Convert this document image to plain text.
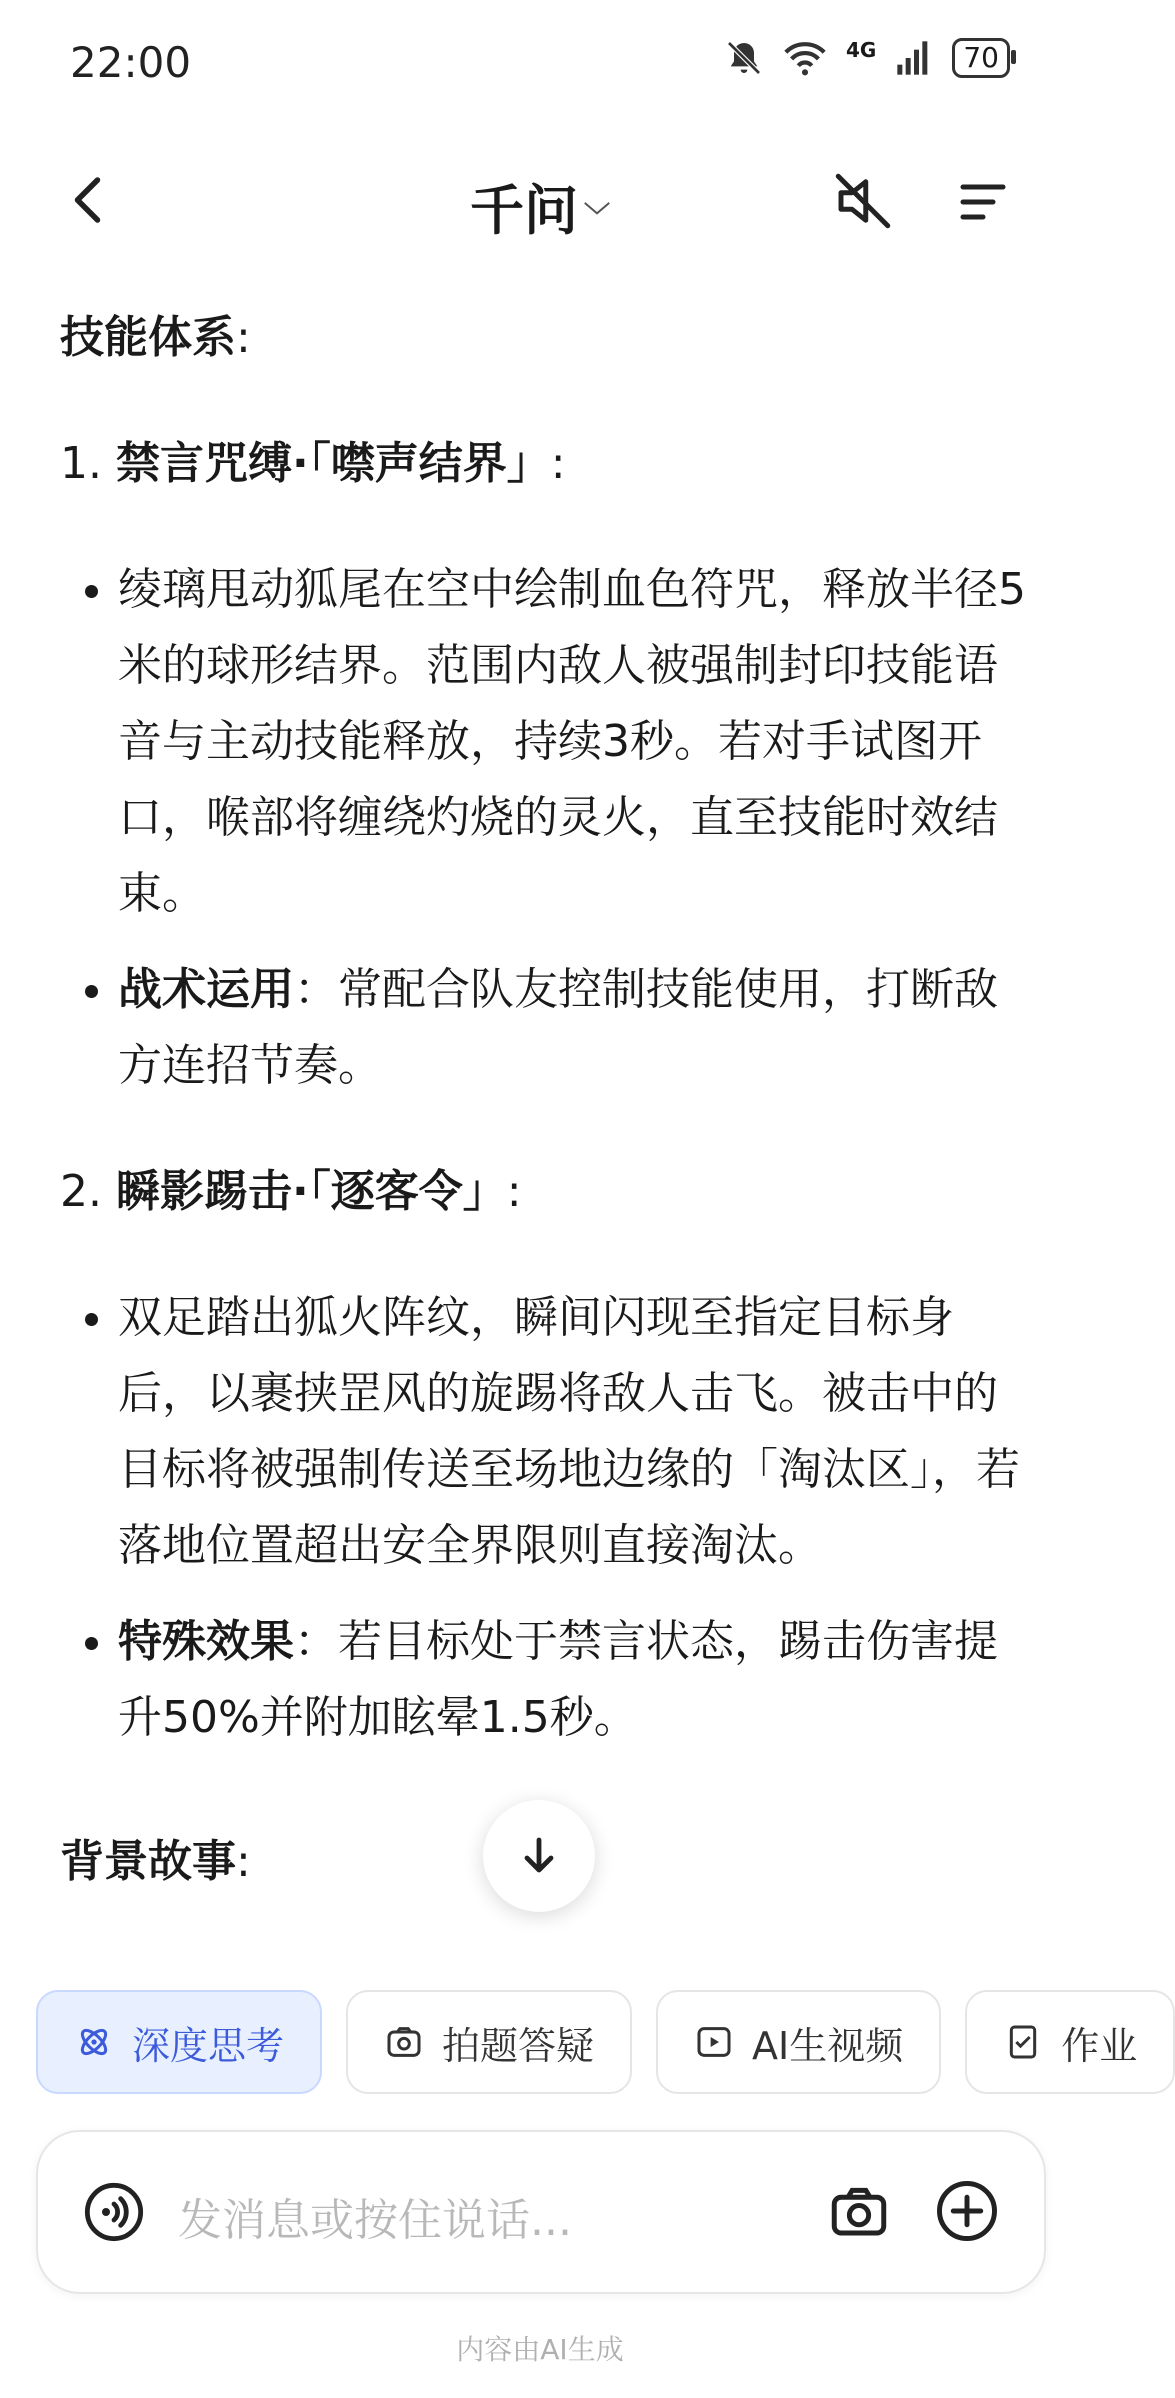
22:00	4G	70
千问 ﹀

技能体系:

1. 禁言咒缚·「噤声结界」:

• 绫璃甩动狐尾在空中绘制血色符咒，释放半径5米的球形结界。范围内敌人被强制封印技能语音与主动技能释放，持续3秒。若对手试图开口，喉部将缠绕灼烧的灵火，直至技能时效结束。
• 战术运用：常配合队友控制技能使用，打断敌方连招节奏。

2. 瞬影踢击·「逐客令」:

• 双足踏出狐火阵纹，瞬间闪现至指定目标身后，以裹挟罡风的旋踢将敌人击飞。被击中的目标将被强制传送至场地边缘的「淘汰区」，若落地位置超出安全界限则直接淘汰。
• 特殊效果：若目标处于禁言状态，踢击伤害提升50%并附加眩晕1.5秒。

背景故事:

深度思考	拍题答疑	AI生视频	作业
发消息或按住说话...
内容由AI生成
